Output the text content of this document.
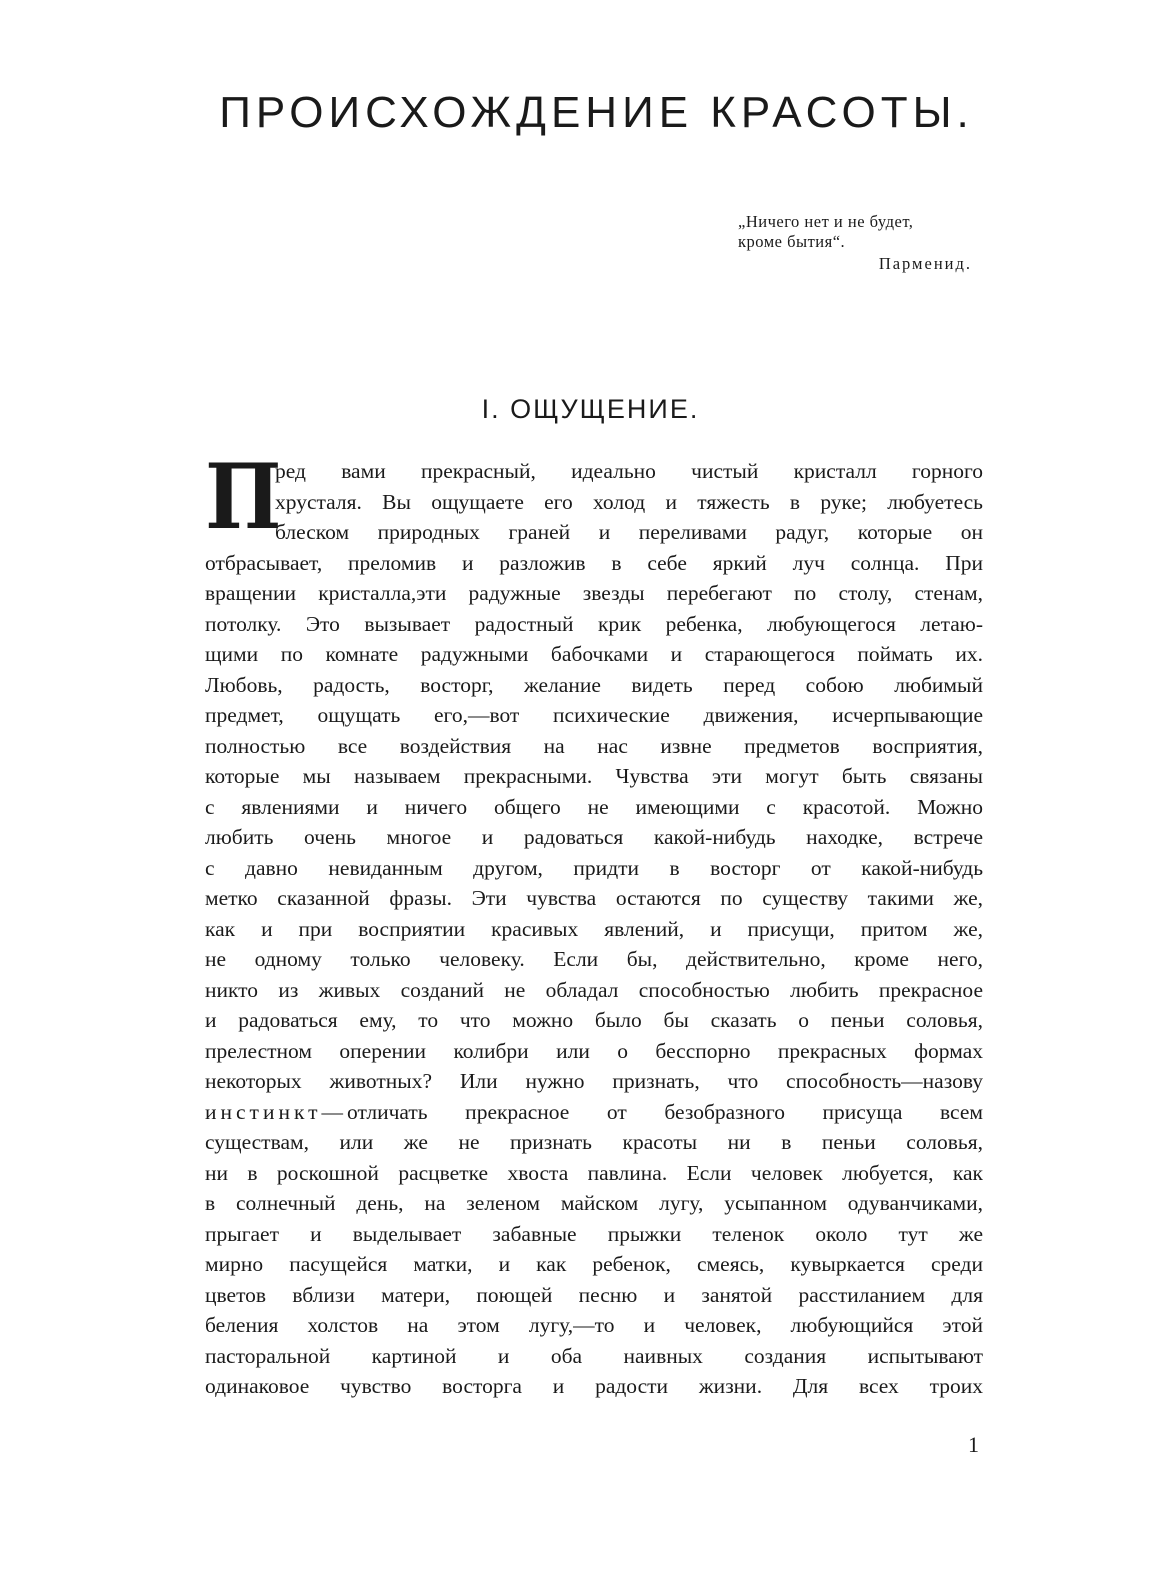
ПРОИСХОЖДЕНИЕ КРАСОТЫ.
„Ничего нет и не будет,
кроме бытия“.
Парменид.
I. ОЩУЩЕНИЕ.
П
ред вами прекрасный, идеально чистый кристалл горного
хрусталя. Вы ощущаете его холод и тяжесть в руке; любуетесь
блеском природных граней и переливами радуг, которые он
отбрасывает, преломив и разложив в себе яркий луч солнца. При
вращении кристалла,эти радужные звезды перебегают по столу, стенам,
потолку. Это вызывает радостный крик ребенка, любующегося летаю-
щими по комнате радужными бабочками и старающегося поймать их.
Любовь, радость, восторг, желание видеть перед собою любимый
предмет, ощущать его,—вот психические движения, исчерпывающие
полностью все воздействия на нас извне предметов восприятия,
которые мы называем прекрасными. Чувства эти могут быть связаны
с явлениями и ничего общего не имеющими с красотой. Можно
любить очень многое и радоваться какой-нибудь находке, встрече
с давно невиданным другом, придти в восторг от какой-нибудь
метко сказанной фразы. Эти чувства остаются по существу такими же,
как и при восприятии красивых явлений, и присущи, притом же,
не одному только человеку. Если бы, действительно, кроме него,
никто из живых созданий не обладал способностью любить прекрасное
и радоваться ему, то что можно было бы сказать о пеньи соловья,
прелестном оперении колибри или о бесспорно прекрасных формах
некоторых животных? Или нужно признать, что способность—назову
инстинкт—отличать прекрасное от безобразного присуща всем
существам, или же не признать красоты ни в пеньи соловья,
ни в роскошной расцветке хвоста павлина. Если человек любуется, как
в солнечный день, на зеленом майском лугу, усыпанном одуванчиками,
прыгает и выделывает забавные прыжки теленок около тут же
мирно пасущейся матки, и как ребенок, смеясь, кувыркается среди
цветов вблизи матери, поющей песню и занятой расстиланием для
беления холстов на этом лугу,—то и человек, любующийся этой
пасторальной картиной и оба наивных создания испытывают
одинаковое чувство восторга и радости жизни. Для всех троих
1
